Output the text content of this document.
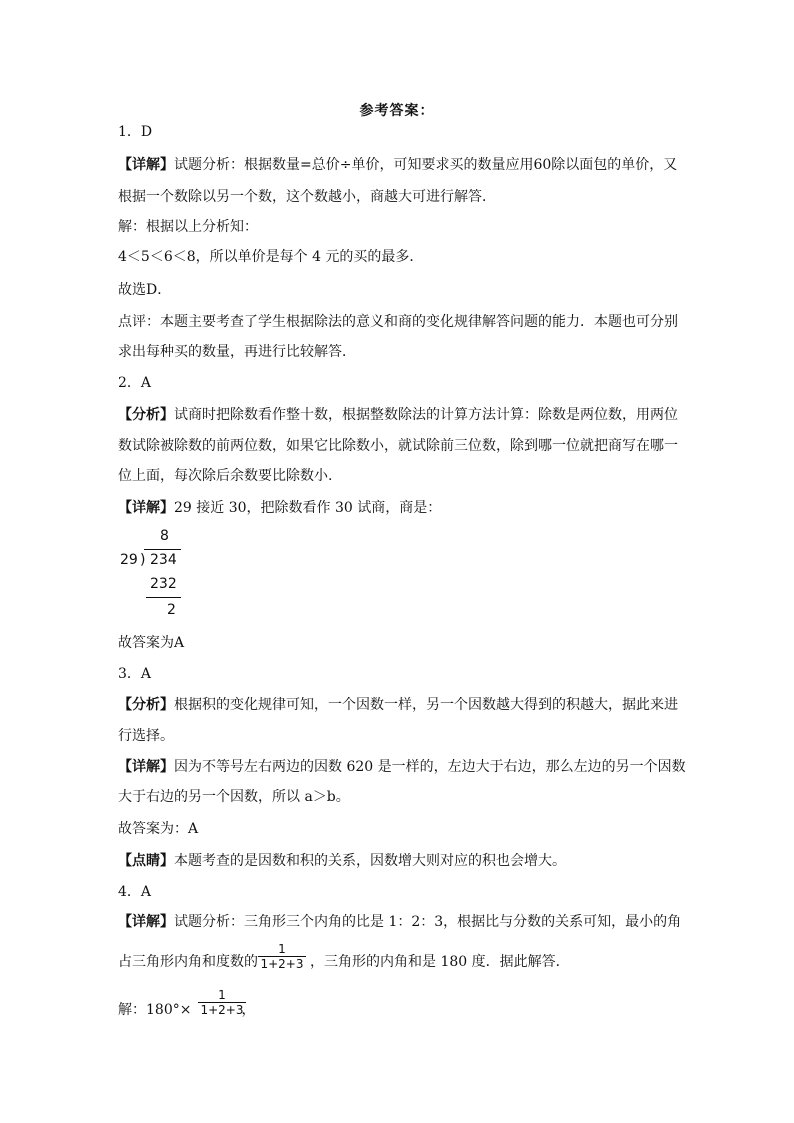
参考答案：
1．D
【详解】试题分析：根据数量=总价÷单价，可知要求买的数量应用60除以面包的单价，又
根据一个数除以另一个数，这个数越小，商越大可进行解答．
解：根据以上分析知：
4＜5＜6＜8，所以单价是每个 4 元的买的最多．
故选D．
点评：本题主要考查了学生根据除法的意义和商的变化规律解答问题的能力．本题也可分别
求出每种买的数量，再进行比较解答．
2．A
【分析】试商时把除数看作整十数，根据整数除法的计算方法计算：除数是两位数，用两位
数试除被除数的前两位数，如果它比除数小，就试除前三位数，除到哪一位就把商写在哪一
位上面，每次除后余数要比除数小.
【详解】29 接近 30，把除数看作 30 试商，商是：
8
29 ) 234
232
2
故答案为A
3．A
【分析】根据积的变化规律可知，一个因数一样，另一个因数越大得到的积越大，据此来进
行选择。
【详解】因为不等号左右两边的因数 620 是一样的，左边大于右边，那么左边的另一个因数
大于右边的另一个因数，所以 a＞b。
故答案为：A
【点睛】本题考查的是因数和积的关系，因数增大则对应的积也会增大。
4．A
【详解】试题分析：三角形三个内角的比是 1：2：3，根据比与分数的关系可知，最小的角
占三角形内角和度数的	，三角形的内角和是 180 度．据此解答．
1
1+2+3
解：180°×	，
1
1+2+3
